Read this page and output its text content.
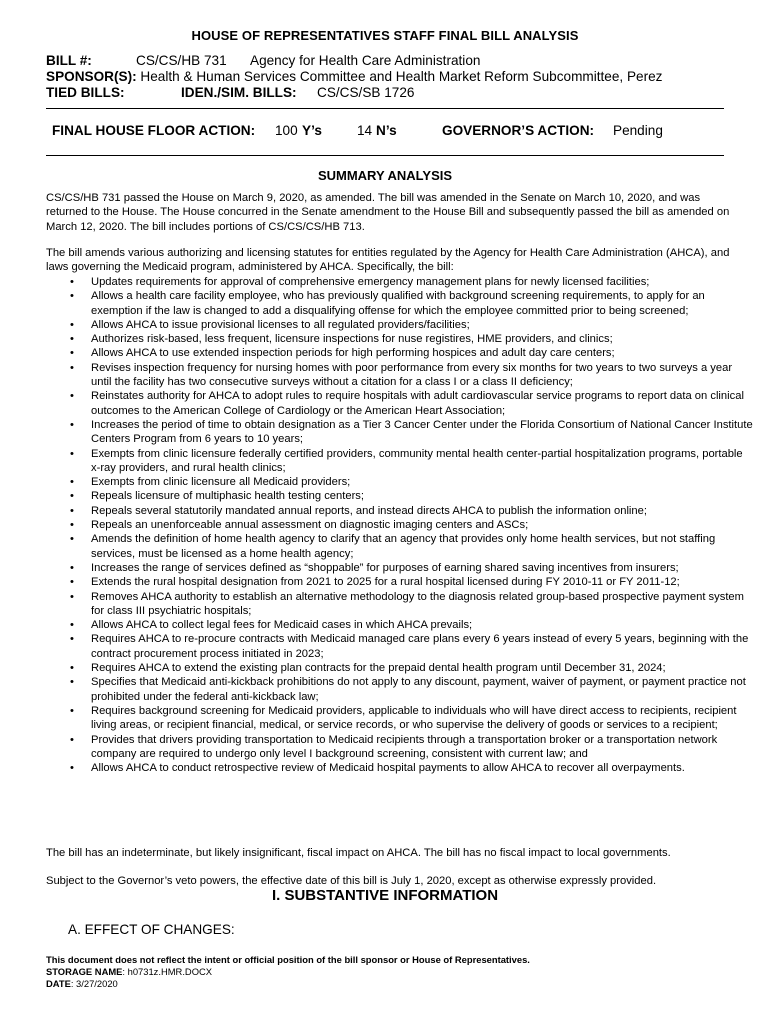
HOUSE OF REPRESENTATIVES STAFF FINAL BILL ANALYSIS
BILL #:	CS/CS/HB 731 Agency for Health Care Administration
SPONSOR(S): Health & Human Services Committee and Health Market Reform Subcommittee, Perez
TIED BILLS:	IDEN./SIM. BILLS: CS/CS/SB 1726
FINAL HOUSE FLOOR ACTION: 100 Y’s	14 N’s	GOVERNOR’S ACTION: Pending
SUMMARY ANALYSIS
CS/CS/HB 731 passed the House on March 9, 2020, as amended. The bill was amended in the Senate on March 10, 2020, and was returned to the House. The House concurred in the Senate amendment to the House Bill and subsequently passed the bill as amended on March 12, 2020. The bill includes portions of CS/CS/CS/HB 713.
The bill amends various authorizing and licensing statutes for entities regulated by the Agency for Health Care Administration (AHCA), and laws governing the Medicaid program, administered by AHCA. Specifically, the bill:
• Updates requirements for approval of comprehensive emergency management plans for newly licensed facilities;
• Allows a health care facility employee, who has previously qualified with background screening requirements, to apply for an exemption if the law is changed to add a disqualifying offense for which the employee committed prior to being screened;
• Allows AHCA to issue provisional licenses to all regulated providers/facilities;
• Authorizes risk-based, less frequent, licensure inspections for nuse registires, HME providers, and clinics;
• Allows AHCA to use extended inspection periods for high performing hospices and adult day care centers;
• Revises inspection frequency for nursing homes with poor performance from every six months for two years to two surveys a year until the facility has two consecutive surveys without a citation for a class I or a class II deficiency;
• Reinstates authority for AHCA to adopt rules to require hospitals with adult cardiovascular service programs to report data on clinical outcomes to the American College of Cardiology or the American Heart Association;
• Increases the period of time to obtain designation as a Tier 3 Cancer Center under the Florida Consortium of National Cancer Institute Centers Program from 6 years to 10 years;
• Exempts from clinic licensure federally certified providers, community mental health center-partial hospitalization programs, portable x-ray providers, and rural health clinics;
• Exempts from clinic licensure all Medicaid providers;
• Repeals licensure of multiphasic health testing centers;
• Repeals several statutorily mandated annual reports, and instead directs AHCA to publish the information online;
• Repeals an unenforceable annual assessment on diagnostic imaging centers and ASCs;
• Amends the definition of home health agency to clarify that an agency that provides only home health services, but not staffing services, must be licensed as a home health agency;
• Increases the range of services defined as “shoppable” for purposes of earning shared saving incentives from insurers;
• Extends the rural hospital designation from 2021 to 2025 for a rural hospital licensed during FY 2010-11 or FY 2011-12;
• Removes AHCA authority to establish an alternative methodology to the diagnosis related group-based prospective payment system for class III psychiatric hospitals;
• Allows AHCA to collect legal fees for Medicaid cases in which AHCA prevails;
• Requires AHCA to re-procure contracts with Medicaid managed care plans every 6 years instead of every 5 years, beginning with the contract procurement process initiated in 2023;
• Requires AHCA to extend the existing plan contracts for the prepaid dental health program until December 31, 2024;
• Specifies that Medicaid anti-kickback prohibitions do not apply to any discount, payment, waiver of payment, or payment practice not prohibited under the federal anti-kickback law;
• Requires background screening for Medicaid providers, applicable to individuals who will have direct access to recipients, recipient living areas, or recipient financial, medical, or service records, or who supervise the delivery of goods or services to a recipient;
• Provides that drivers providing transportation to Medicaid recipients through a transportation broker or a transportation network company are required to undergo only level I background screening, consistent with current law; and
• Allows AHCA to conduct retrospective review of Medicaid hospital payments to allow AHCA to recover all overpayments.
The bill has an indeterminate, but likely insignificant, fiscal impact on AHCA. The bill has no fiscal impact to local governments.
Subject to the Governor’s veto powers, the effective date of this bill is July 1, 2020, except as otherwise expressly provided.
I. SUBSTANTIVE INFORMATION
A. EFFECT OF CHANGES:
This document does not reflect the intent or official position of the bill sponsor or House of Representatives.
STORAGE NAME: h0731z.HMR.DOCX
DATE: 3/27/2020
